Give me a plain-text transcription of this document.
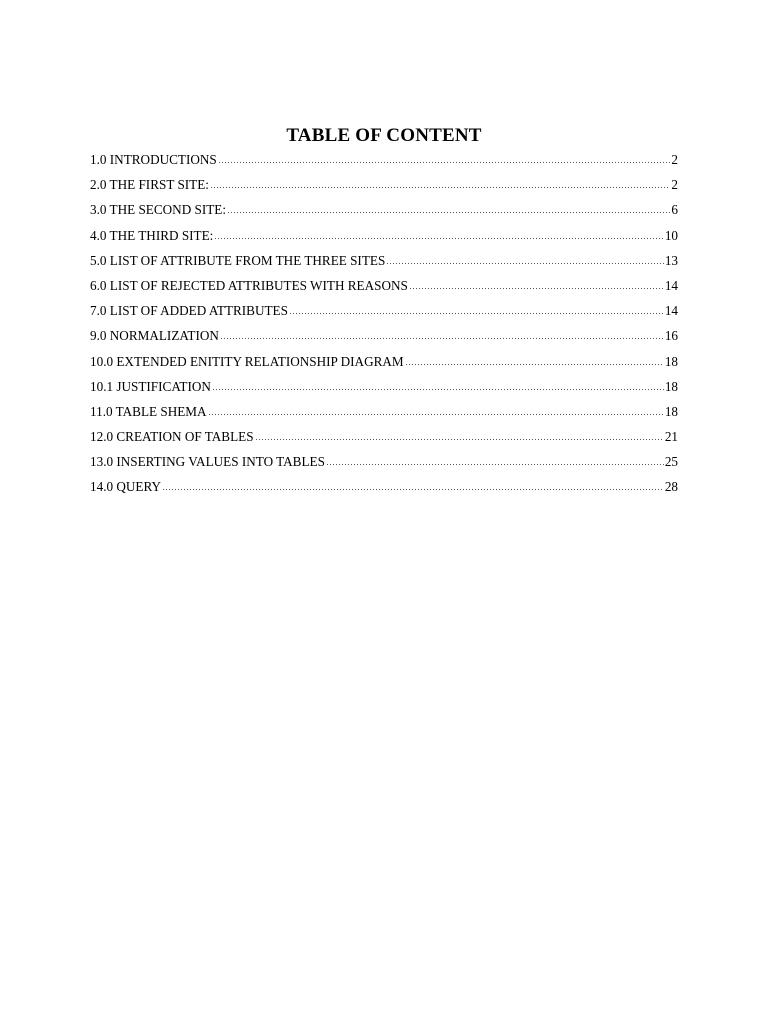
TABLE OF CONTENT
1.0 INTRODUCTIONS	2
2.0 THE FIRST SITE:	2
3.0 THE SECOND SITE:	6
4.0 THE THIRD SITE:	10
5.0 LIST OF ATTRIBUTE FROM THE THREE SITES	13
6.0 LIST OF REJECTED ATTRIBUTES WITH REASONS	14
7.0 LIST OF ADDED ATTRIBUTES	14
9.0 NORMALIZATION	16
10.0 EXTENDED ENITITY RELATIONSHIP DIAGRAM	18
10.1 JUSTIFICATION	18
11.0 TABLE SHEMA	18
12.0 CREATION OF TABLES	21
13.0 INSERTING VALUES INTO TABLES	25
14.0 QUERY	28
